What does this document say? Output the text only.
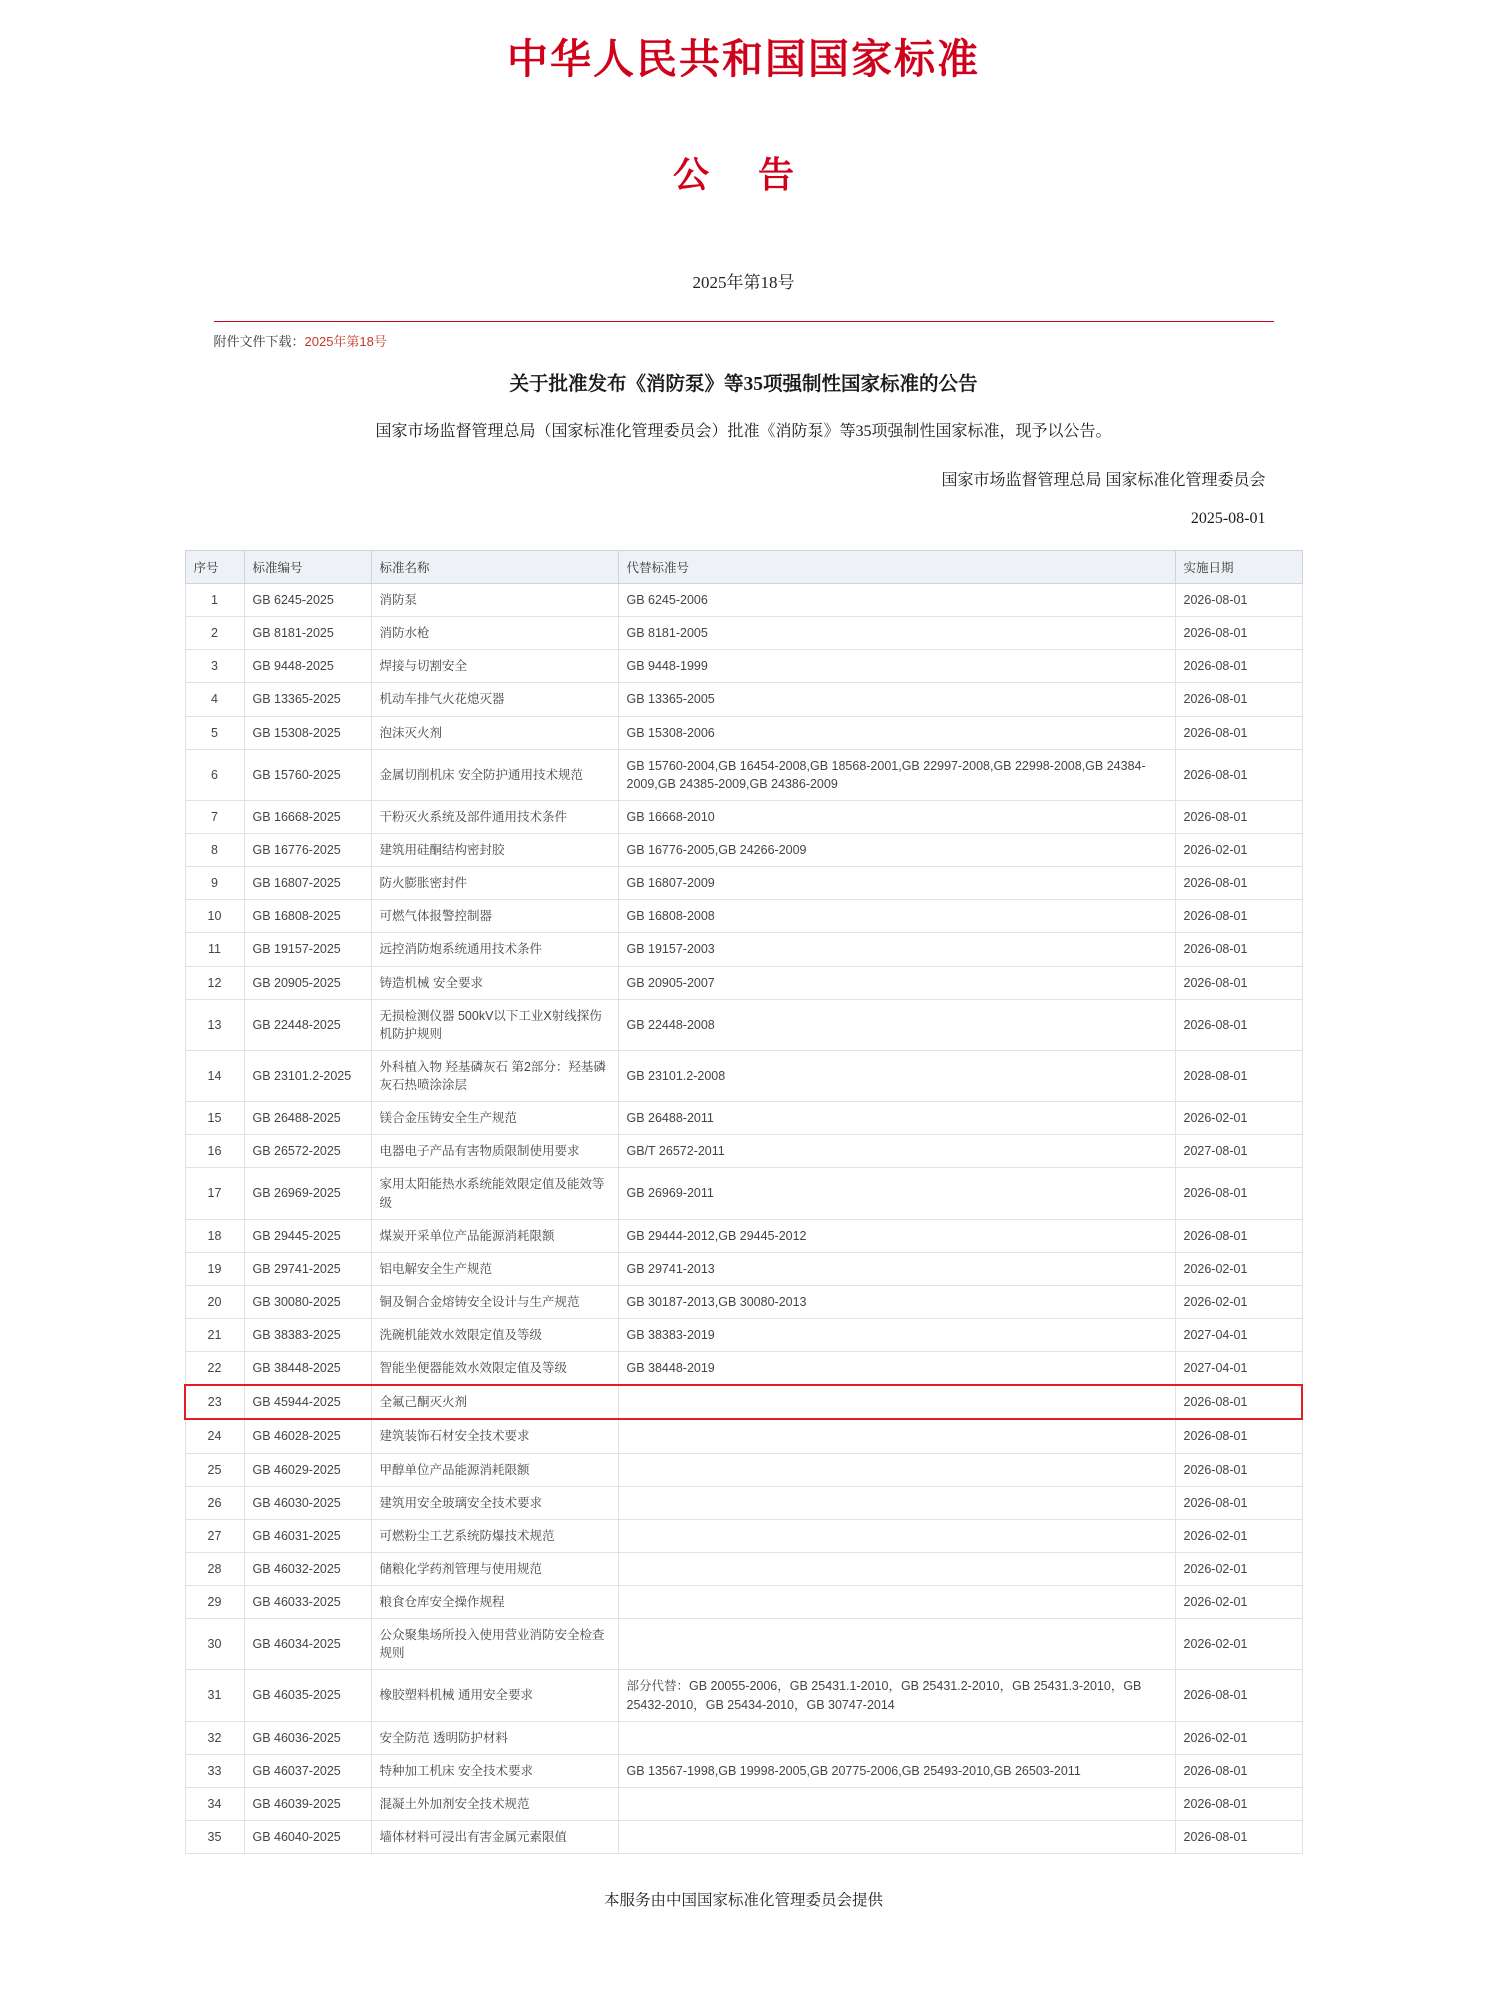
中华人民共和国国家标准
公 告
2025年第18号
附件文件下载：2025年第18号
关于批准发布《消防泵》等35项强制性国家标准的公告
国家市场监督管理总局（国家标准化管理委员会）批准《消防泵》等35项强制性国家标准，现予以公告。
国家市场监督管理总局 国家标准化管理委员会
2025-08-01
序号	标准编号	标准名称	代替标准号	实施日期
1	GB 6245-2025	消防泵	GB 6245-2006	2026-08-01
2	GB 8181-2025	消防水枪	GB 8181-2005	2026-08-01
3	GB 9448-2025	焊接与切割安全	GB 9448-1999	2026-08-01
4	GB 13365-2025	机动车排气火花熄灭器	GB 13365-2005	2026-08-01
5	GB 15308-2025	泡沫灭火剂	GB 15308-2006	2026-08-01
6	GB 15760-2025	金属切削机床 安全防护通用技术规范	GB 15760-2004,GB 16454-2008,GB 18568-2001,GB 22997-2008,GB 22998-2008,GB 24384-2009,GB 24385-2009,GB 24386-2009	2026-08-01
7	GB 16668-2025	干粉灭火系统及部件通用技术条件	GB 16668-2010	2026-08-01
8	GB 16776-2025	建筑用硅酮结构密封胶	GB 16776-2005,GB 24266-2009	2026-02-01
9	GB 16807-2025	防火膨胀密封件	GB 16807-2009	2026-08-01
10	GB 16808-2025	可燃气体报警控制器	GB 16808-2008	2026-08-01
11	GB 19157-2025	远控消防炮系统通用技术条件	GB 19157-2003	2026-08-01
12	GB 20905-2025	铸造机械 安全要求	GB 20905-2007	2026-08-01
13	GB 22448-2025	无损检测仪器 500kV以下工业X射线探伤机防护规则	GB 22448-2008	2026-08-01
14	GB 23101.2-2025	外科植入物 羟基磷灰石 第2部分：羟基磷灰石热喷涂涂层	GB 23101.2-2008	2028-08-01
15	GB 26488-2025	镁合金压铸安全生产规范	GB 26488-2011	2026-02-01
16	GB 26572-2025	电器电子产品有害物质限制使用要求	GB/T 26572-2011	2027-08-01
17	GB 26969-2025	家用太阳能热水系统能效限定值及能效等级	GB 26969-2011	2026-08-01
18	GB 29445-2025	煤炭开采单位产品能源消耗限额	GB 29444-2012,GB 29445-2012	2026-08-01
19	GB 29741-2025	铝电解安全生产规范	GB 29741-2013	2026-02-01
20	GB 30080-2025	铜及铜合金熔铸安全设计与生产规范	GB 30187-2013,GB 30080-2013	2026-02-01
21	GB 38383-2025	洗碗机能效水效限定值及等级	GB 38383-2019	2027-04-01
22	GB 38448-2025	智能坐便器能效水效限定值及等级	GB 38448-2019	2027-04-01
23	GB 45944-2025	全氟己酮灭火剂		2026-08-01
24	GB 46028-2025	建筑装饰石材安全技术要求		2026-08-01
25	GB 46029-2025	甲醇单位产品能源消耗限额		2026-08-01
26	GB 46030-2025	建筑用安全玻璃安全技术要求		2026-08-01
27	GB 46031-2025	可燃粉尘工艺系统防爆技术规范		2026-02-01
28	GB 46032-2025	储粮化学药剂管理与使用规范		2026-02-01
29	GB 46033-2025	粮食仓库安全操作规程		2026-02-01
30	GB 46034-2025	公众聚集场所投入使用营业消防安全检查规则		2026-02-01
31	GB 46035-2025	橡胶塑料机械 通用安全要求	部分代替：GB 20055-2006，GB 25431.1-2010，GB 25431.2-2010，GB 25431.3-2010，GB 25432-2010，GB 25434-2010，GB 30747-2014	2026-08-01
32	GB 46036-2025	安全防范 透明防护材料		2026-02-01
33	GB 46037-2025	特种加工机床 安全技术要求	GB 13567-1998,GB 19998-2005,GB 20775-2006,GB 25493-2010,GB 26503-2011	2026-08-01
34	GB 46039-2025	混凝土外加剂安全技术规范		2026-08-01
35	GB 46040-2025	墙体材料可浸出有害金属元素限值		2026-08-01
本服务由中国国家标准化管理委员会提供
